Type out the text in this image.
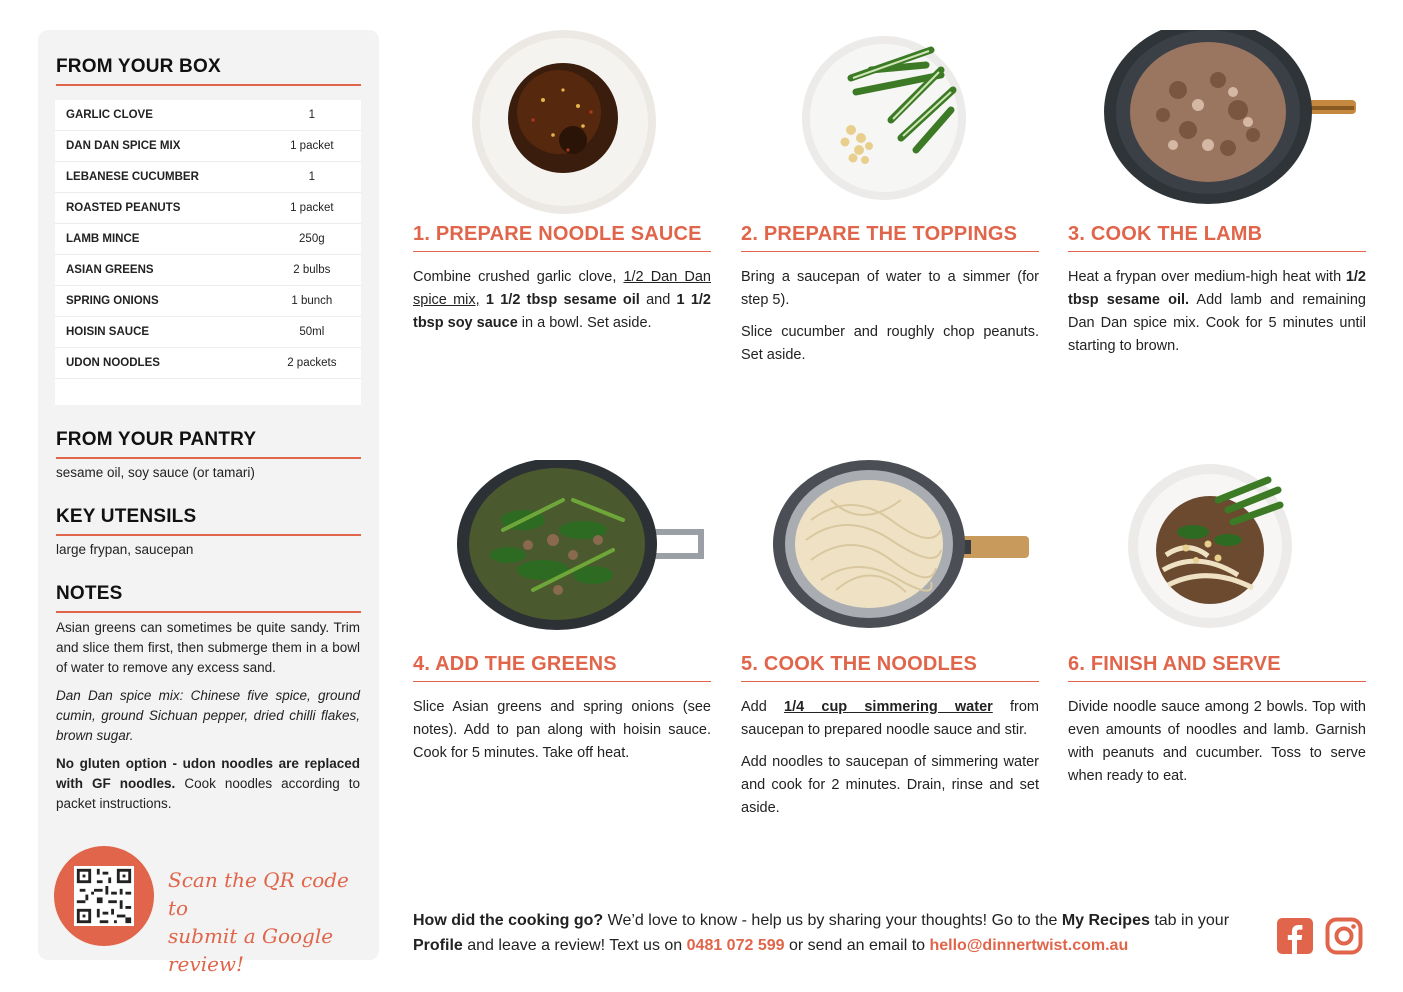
FROM YOUR BOX
GARLIC CLOVE	1
DAN DAN SPICE MIX	1 packet
LEBANESE CUCUMBER	1
ROASTED PEANUTS	1 packet
LAMB MINCE	250g
ASIAN GREENS	2 bulbs
SPRING ONIONS	1 bunch
HOISIN SAUCE	50ml
UDON NOODLES	2 packets
FROM YOUR PANTRY
sesame oil, soy sauce (or tamari)
KEY UTENSILS
large frypan, saucepan
NOTES

Asian greens can sometimes be quite sandy. Trim and slice them first, then submerge them in a bowl of water to remove any excess sand.

Dan Dan spice mix: Chinese five spice, ground cumin, ground Sichuan pepper, dried chilli flakes, brown sugar.

No gluten option - udon noodles are replaced with GF noodles. Cook noodles according to packet instructions.

Scan the QR code to
submit a Google review!
1. PREPARE NOODLE SAUCE

Combine crushed garlic clove, 1/2 Dan Dan spice mix, 1 1/2 tbsp sesame oil and 1 1/2 tbsp soy sauce in a bowl. Set aside.

2. PREPARE THE TOPPINGS

Bring a saucepan of water to a simmer (for step 5).

Slice cucumber and roughly chop peanuts. Set aside.

3. COOK THE LAMB

Heat a frypan over medium-high heat with 1/2 tbsp sesame oil. Add lamb and remaining Dan Dan spice mix. Cook for 5 minutes until starting to brown.

4. ADD THE GREENS

Slice Asian greens and spring onions (see notes). Add to pan along with hoisin sauce. Cook for 5 minutes. Take off heat.

5. COOK THE NOODLES

Add 1/4 cup simmering water from saucepan to prepared noodle sauce and stir.

Add noodles to saucepan of simmering water and cook for 2 minutes. Drain, rinse and set aside.

6. FINISH AND SERVE

Divide noodle sauce among 2 bowls. Top with even amounts of noodles and lamb. Garnish with peanuts and cucumber. Toss to serve when ready to eat.

How did the cooking go? We’d love to know - help us by sharing your thoughts! Go to the My Recipes tab in your Profile and leave a review! Text us on 0481 072 599 or send an email to hello@dinnertwist.com.au
